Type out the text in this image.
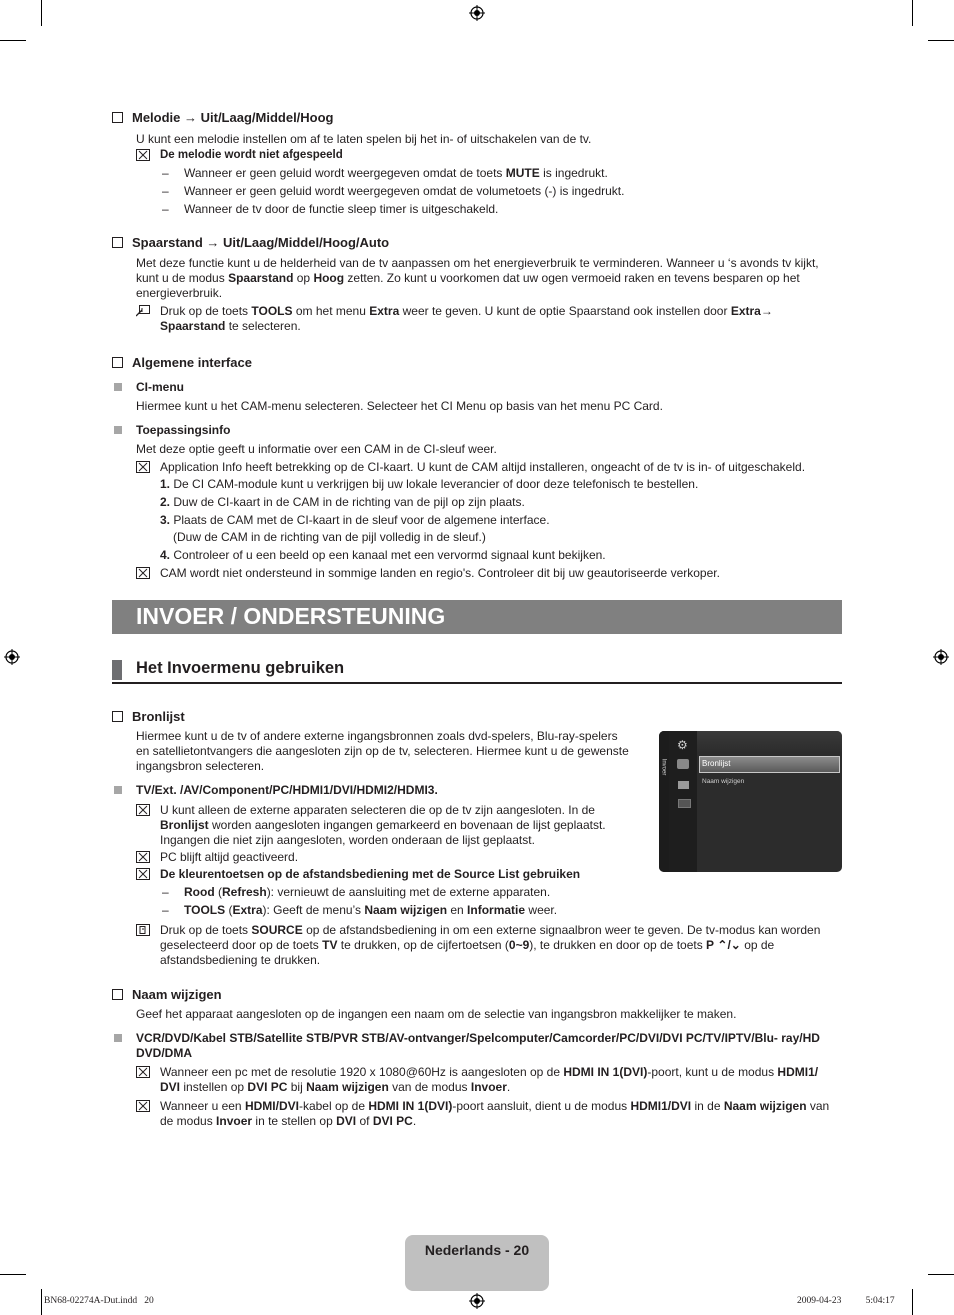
Melodie → Uit/Laag/Middel/Hoog
U kunt een melodie instellen om af te laten spelen bij het in- of uitschakelen van de tv.
De melodie wordt niet afgespeeld
– Wanneer er geen geluid wordt weergegeven omdat de toets MUTE is ingedrukt.
– Wanneer er geen geluid wordt weergegeven omdat de volumetoets (-) is ingedrukt.
– Wanneer de tv door de functie sleep timer is uitgeschakeld.
Spaarstand → Uit/Laag/Middel/Hoog/Auto
Met deze functie kunt u de helderheid van de tv aanpassen om het energieverbruik te verminderen. Wanneer u ‘s avonds tv kijkt,
kunt u de modus Spaarstand op Hoog zetten. Zo kunt u voorkomen dat uw ogen vermoeid raken en tevens besparen op het
energieverbruik.
Druk op de toets TOOLS om het menu Extra weer te geven. U kunt de optie Spaarstand ook instellen door Extra→
Spaarstand te selecteren.
Algemene interface
CI-menu
Hiermee kunt u het CAM-menu selecteren. Selecteer het CI Menu op basis van het menu PC Card.
Toepassingsinfo
Met deze optie geeft u informatie over een CAM in de CI-sleuf weer.
Application Info heeft betrekking op de CI-kaart. U kunt de CAM altijd installeren, ongeacht of de tv is in- of uitgeschakeld.
1. De CI CAM-module kunt u verkrijgen bij uw lokale leverancier of door deze telefonisch te bestellen.
2. Duw de CI-kaart in de CAM in de richting van de pijl op zijn plaats.
3. Plaats de CAM met de CI-kaart in de sleuf voor de algemene interface.
(Duw de CAM in de richting van de pijl volledig in de sleuf.)
4. Controleer of u een beeld op een kanaal met een vervormd signaal kunt bekijken.
CAM wordt niet ondersteund in sommige landen en regio's. Controleer dit bij uw geautoriseerde verkoper.
INVOER / ONDERSTEUNING
Het Invoermenu gebruiken
Bronlijst
Hiermee kunt u de tv of andere externe ingangsbronnen zoals dvd-spelers, Blu-ray-spelers
en satellietontvangers die aangesloten zijn op de tv, selecteren. Hiermee kunt u de gewenste
ingangsbron selecteren.	Invoer
⚙
Bronlijst
Naam wijzigen
TV/Ext. /AV/Component/PC/HDMI1/DVI/HDMI2/HDMI3.
U kunt alleen de externe apparaten selecteren die op de tv zijn aangesloten. In de
Bronlijst worden aangesloten ingangen gemarkeerd en bovenaan de lijst geplaatst.
Ingangen die niet zijn aangesloten, worden onderaan de lijst geplaatst.
PC blijft altijd geactiveerd.
De kleurentoetsen op de afstandsbediening met de Source List gebruiken
– Rood (Refresh): vernieuwt de aansluiting met de externe apparaten.
– TOOLS (Extra): Geeft de menu’s Naam wijzigen en Informatie weer.
Druk op de toets SOURCE op de afstandsbediening in om een externe signaalbron weer te geven. De tv-modus kan worden
geselecteerd door op de toets TV te drukken, op de cijfertoetsen (0~9), te drukken en door op de toets P ⌃/⌄ op de
afstandsbediening te drukken.
Naam wijzigen
Geef het apparaat aangesloten op de ingangen een naam om de selectie van ingangsbron makkelijker te maken.
VCR/DVD/Kabel STB/Satellite STB/PVR STB/AV-ontvanger/Spelcomputer/Camcorder/PC/DVI/DVI PC/TV/IPTV/Blu- ray/HD
DVD/DMA
Wanneer een pc met de resolutie 1920 x 1080@60Hz is aangesloten op de HDMI IN 1(DVI)-poort, kunt u de modus HDMI1/
DVI instellen op DVI PC bij Naam wijzigen van de modus Invoer.
Wanneer u een HDMI/DVI-kabel op de HDMI IN 1(DVI)-poort aansluit, dient u de modus HDMI1/DVI in de Naam wijzigen van
de modus Invoer in te stellen op DVI of DVI PC.
Nederlands - 20
BN68-02274A-Dut.indd   20	2009-04-23   ￿￿ 5:04:17
